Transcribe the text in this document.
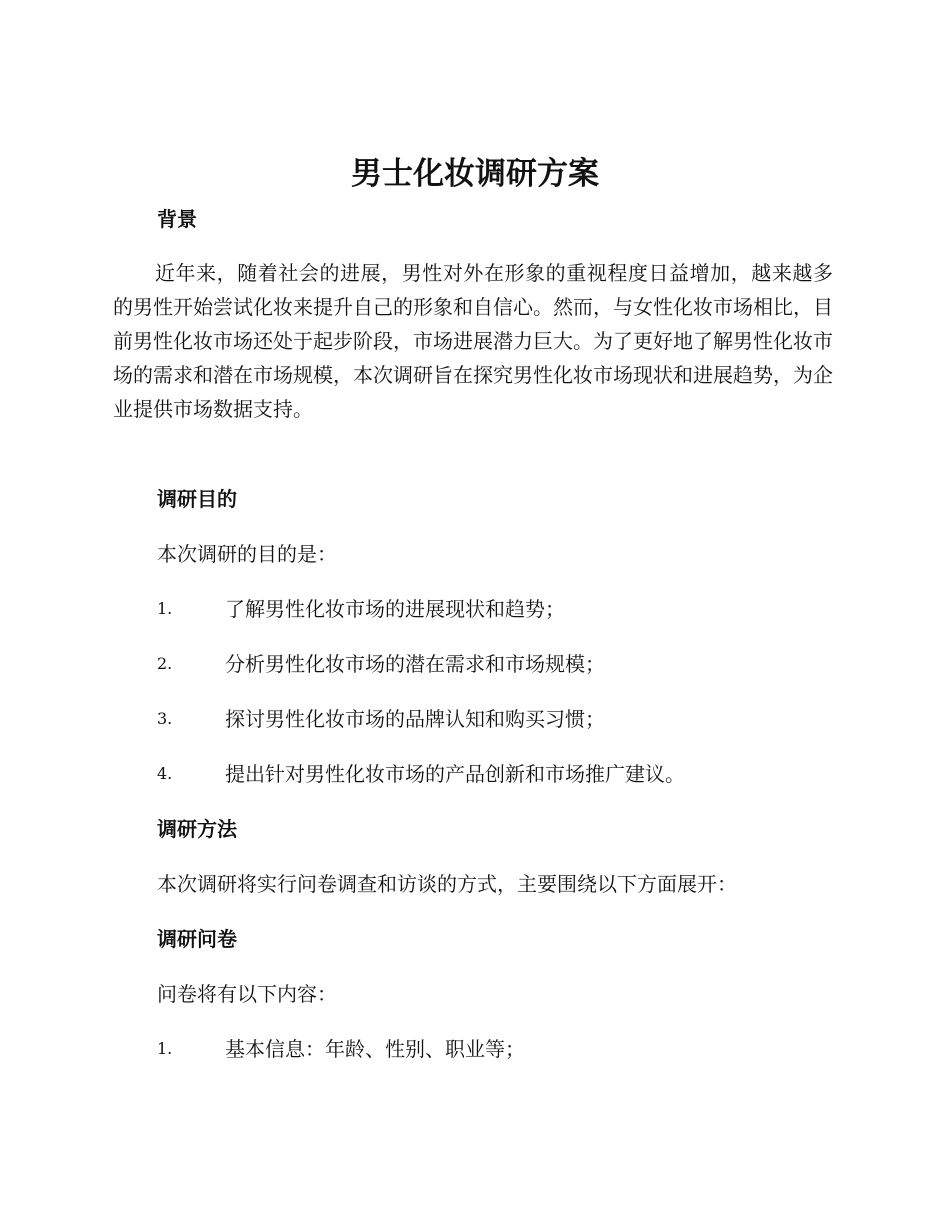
男士化妆调研方案
背景

近年来，随着社会的进展，男性对外在形象的重视程度日益增加，越来越多的男性开始尝试化妆来提升自己的形象和自信心。然而，与女性化妆市场相比，目前男性化妆市场还处于起步阶段，市场进展潜力巨大。为了更好地了解男性化妆市场的需求和潜在市场规模，本次调研旨在探究男性化妆市场现状和进展趋势，为企业提供市场数据支持。

调研目的

本次调研的目的是：

1.	了解男性化妆市场的进展现状和趋势；
2.	分析男性化妆市场的潜在需求和市场规模；
3.	探讨男性化妆市场的品牌认知和购买习惯；
4.	提出针对男性化妆市场的产品创新和市场推广建议。
调研方法

本次调研将实行问卷调查和访谈的方式，主要围绕以下方面展开：

调研问卷

问卷将有以下内容：

1.	基本信息：年龄、性别、职业等；
